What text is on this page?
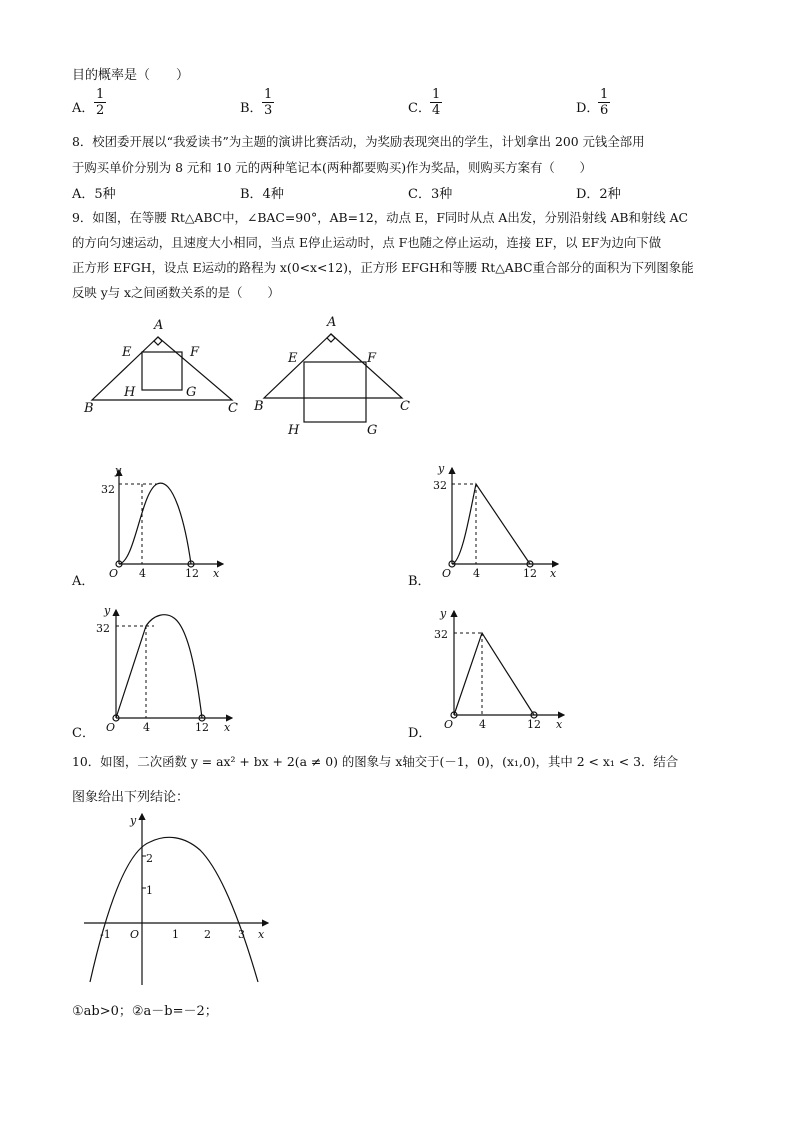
目的概率是（　　）
A． $\frac{1}{2}$	B． $\frac{1}{3}$	C． $\frac{1}{4}$	D．
$\frac{1}{6}$
8．校团委开展以“我爱读书”为主题的演讲比赛活动，为奖励表现突出的学生，计划拿出 200 元钱全部用
于购买单价分别为 8 元和 10 元的两种笔记本(两种都要购买)作为奖品，则购买方案有（　　）
A．5种	B．4种	C．3种	D．2种
9．如图，在等腰 Rt△ABC中，∠BAC=90°，AB=12，动点 E，F同时从点 A出发，分别沿射线 AB和射线 AC
的方向匀速运动，且速度大小相同，当点 E停止运动时，点 F也随之停止运动，连接 EF，以 EF为边向下做
正方形 EFGH，设点 E运动的路程为 x(0<x<12)，正方形 EFGH和等腰 Rt△ABC重合部分的面积为下列图象能
反映 y与 x之间函数关系的是（　　）
A
E	F
H	G
B	C
A
E	F
H	G
B	C
A．
y
32
O 4	12 x
B．
y
32
O 4	12 x
C．
y
32
O	4	12 x	D．
y
32
O 4	12 x
10．如图，二次函数 y = ax² + bx + 2(a ≠ 0) 的图象与 x轴交于(－1，0)，(x₁,0)，其中 2 < x₁ < 3．结合
图象给出下列结论：
y
2
1
-1 O	1 2 3 x
①ab>0；②a－b=－2；
